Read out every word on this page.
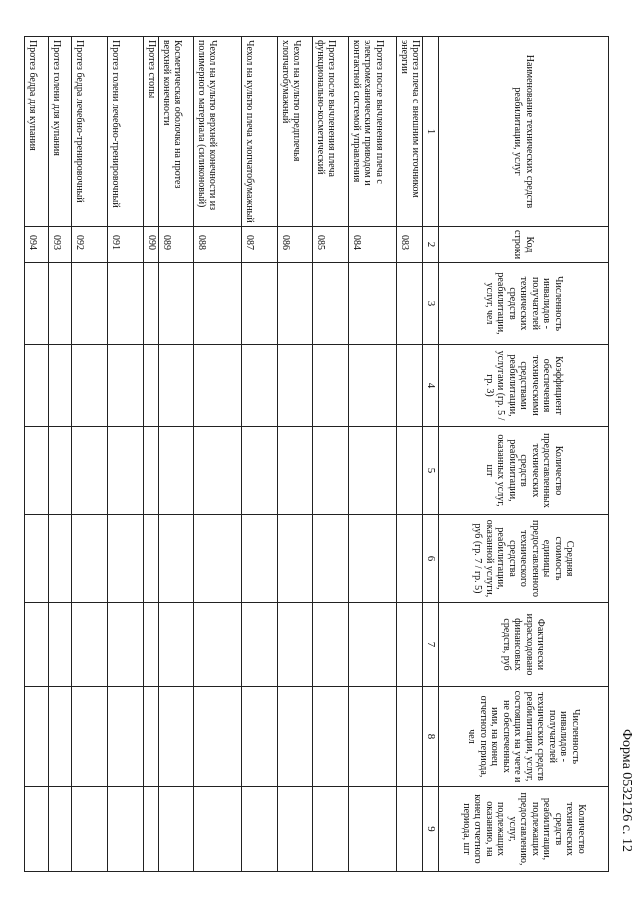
Форма 0532126 с. 12
Наименование технических средств реабилитации, услуг	Код строки	Численность инвалидов - получателей технических средств реабилитации, услуг, чел	Коэффициент обеспечения техническими средствами реабилитации, услугами (гр. 5 / гр. 3)	Количество предоставленных технических средств реабилитации, оказанных услуг, шт	Средняя стоимость единицы предоставленного технического средства реабилитации, оказанной услуги, руб (гр. 7 / гр. 5)	Фактически израсходовано финансовых средств, руб	Численность инвалидов - получателей технических средств реабилитации, услуг, состоящих на учете и не обеспеченных ими, на конец отчетного периода, чел	Количество технических средств реабилитации, подлежащих предоставлению, услуг, подлежащих оказанию, на конец отчетного периода, шт
1	2	3	4	5	6	7	8	9
Протез плеча с внешним источником энергии	083							
Протез после вычленения плеча с электромеханическим приводом и контактной системой управления	084							
Протез после вычленения плеча функционально-косметический	085							
Чехол на культю предплечья хлопчатобумажный	086							
Чехол на культю плеча хлопчатобумажный	087							
Чехол на культю верхней конечности из полимерного материала (силиконовый)	088							
Косметическая оболочка на протез верхней конечности	089							
Протез стопы	090							
Протез голени лечебно-тренировочный	091							
Протез бедра лечебно-тренировочный	092							
Протез голени для купания	093							
Протез бедра для купания	094							
